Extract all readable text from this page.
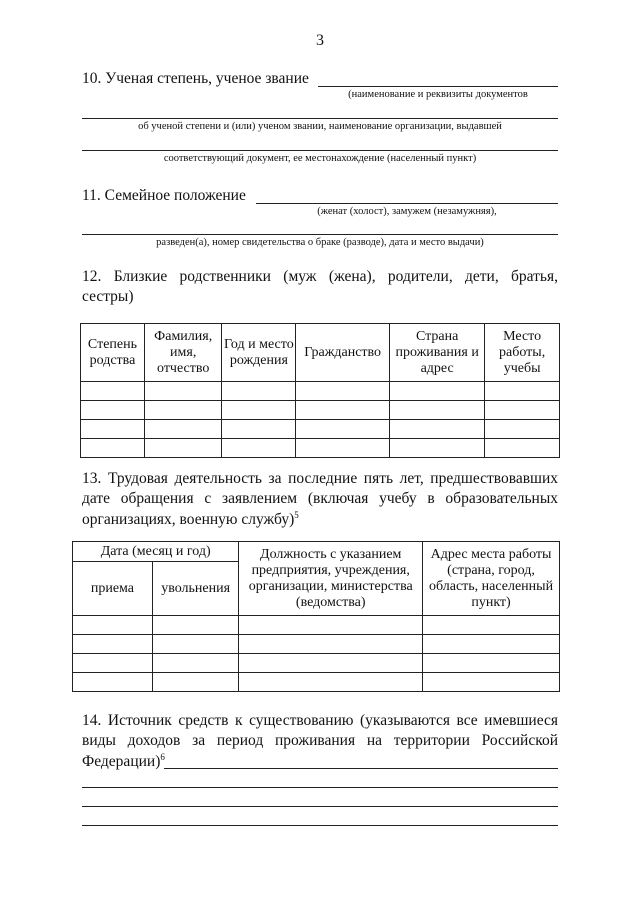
3
10. Ученая степень, ученое звание
(наименование и реквизиты документов
об ученой степени и (или) ученом звании, наименование организации, выдавшей
соответствующий документ, ее местонахождение (населенный пункт)
11. Семейное положение
(женат (холост), замужем (незамужняя),
разведен(а), номер свидетельства о браке (разводе), дата и место выдачи)
12. Близкие родственники (муж (жена), родители, дети, братья,
сестры)
Степень родства	Фамилия, имя, отчество	Год и место рождения	Гражданство	Страна проживания и адрес	Место работы, учебы

13. Трудовая деятельность за последние пять лет, предшествовавших
дате обращения с заявлением (включая учебу в образовательных
организациях, военную службу)$^5$
Дата (месяц и год)		Должность с указанием предприятия, учреждения, организации, министерства (ведомства)	Адрес места работы (страна, город, область, населенный пункт)
приема	увольнения		

14. Источник средств к существованию (указываются все имевшиеся
виды доходов за период проживания на территории Российской
Федерации)$^6$
